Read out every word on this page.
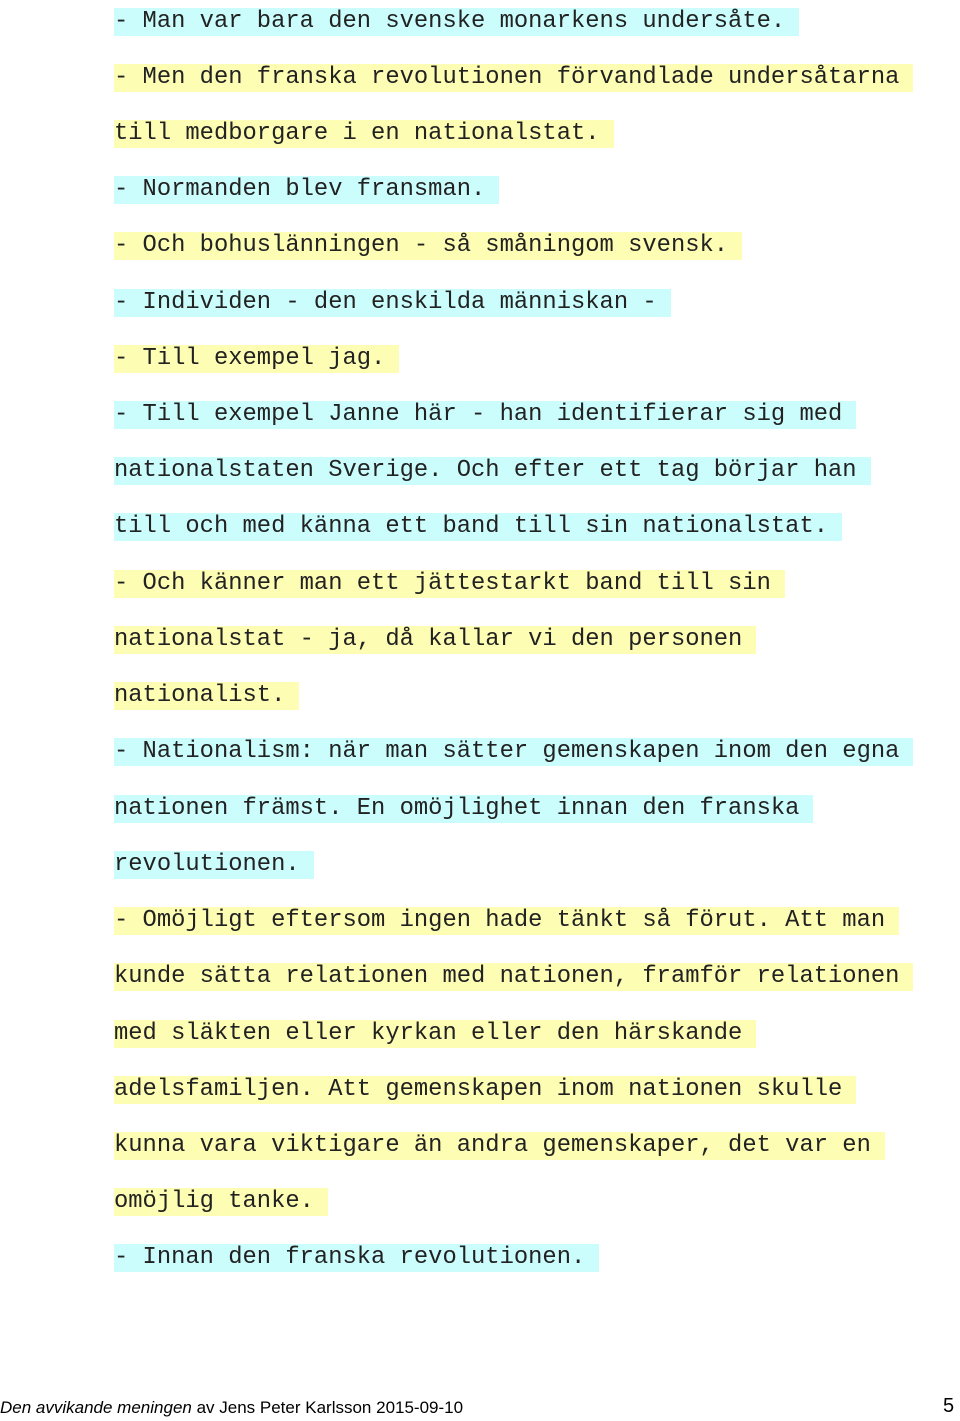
- Man var bara den svenske monarkens undersåte.
- Men den franska revolutionen förvandlade undersåtarna
till medborgare i en nationalstat.
- Normanden blev fransman.
- Och bohuslänningen - så småningom svensk.
- Individen - den enskilda människan -
- Till exempel jag.
- Till exempel Janne här - han identifierar sig med
nationalstaten Sverige. Och efter ett tag börjar han
till och med känna ett band till sin nationalstat.
- Och känner man ett jättestarkt band till sin
nationalstat - ja, då kallar vi den personen
nationalist.
- Nationalism: när man sätter gemenskapen inom den egna
nationen främst. En omöjlighet innan den franska
revolutionen.
- Omöjligt eftersom ingen hade tänkt så förut. Att man
kunde sätta relationen med nationen, framför relationen
med släkten eller kyrkan eller den härskande
adelsfamiljen. Att gemenskapen inom nationen skulle
kunna vara viktigare än andra gemenskaper, det var en
omöjlig tanke.
- Innan den franska revolutionen.
Den avvikande meningen av Jens Peter Karlsson 2015-09-10	5
